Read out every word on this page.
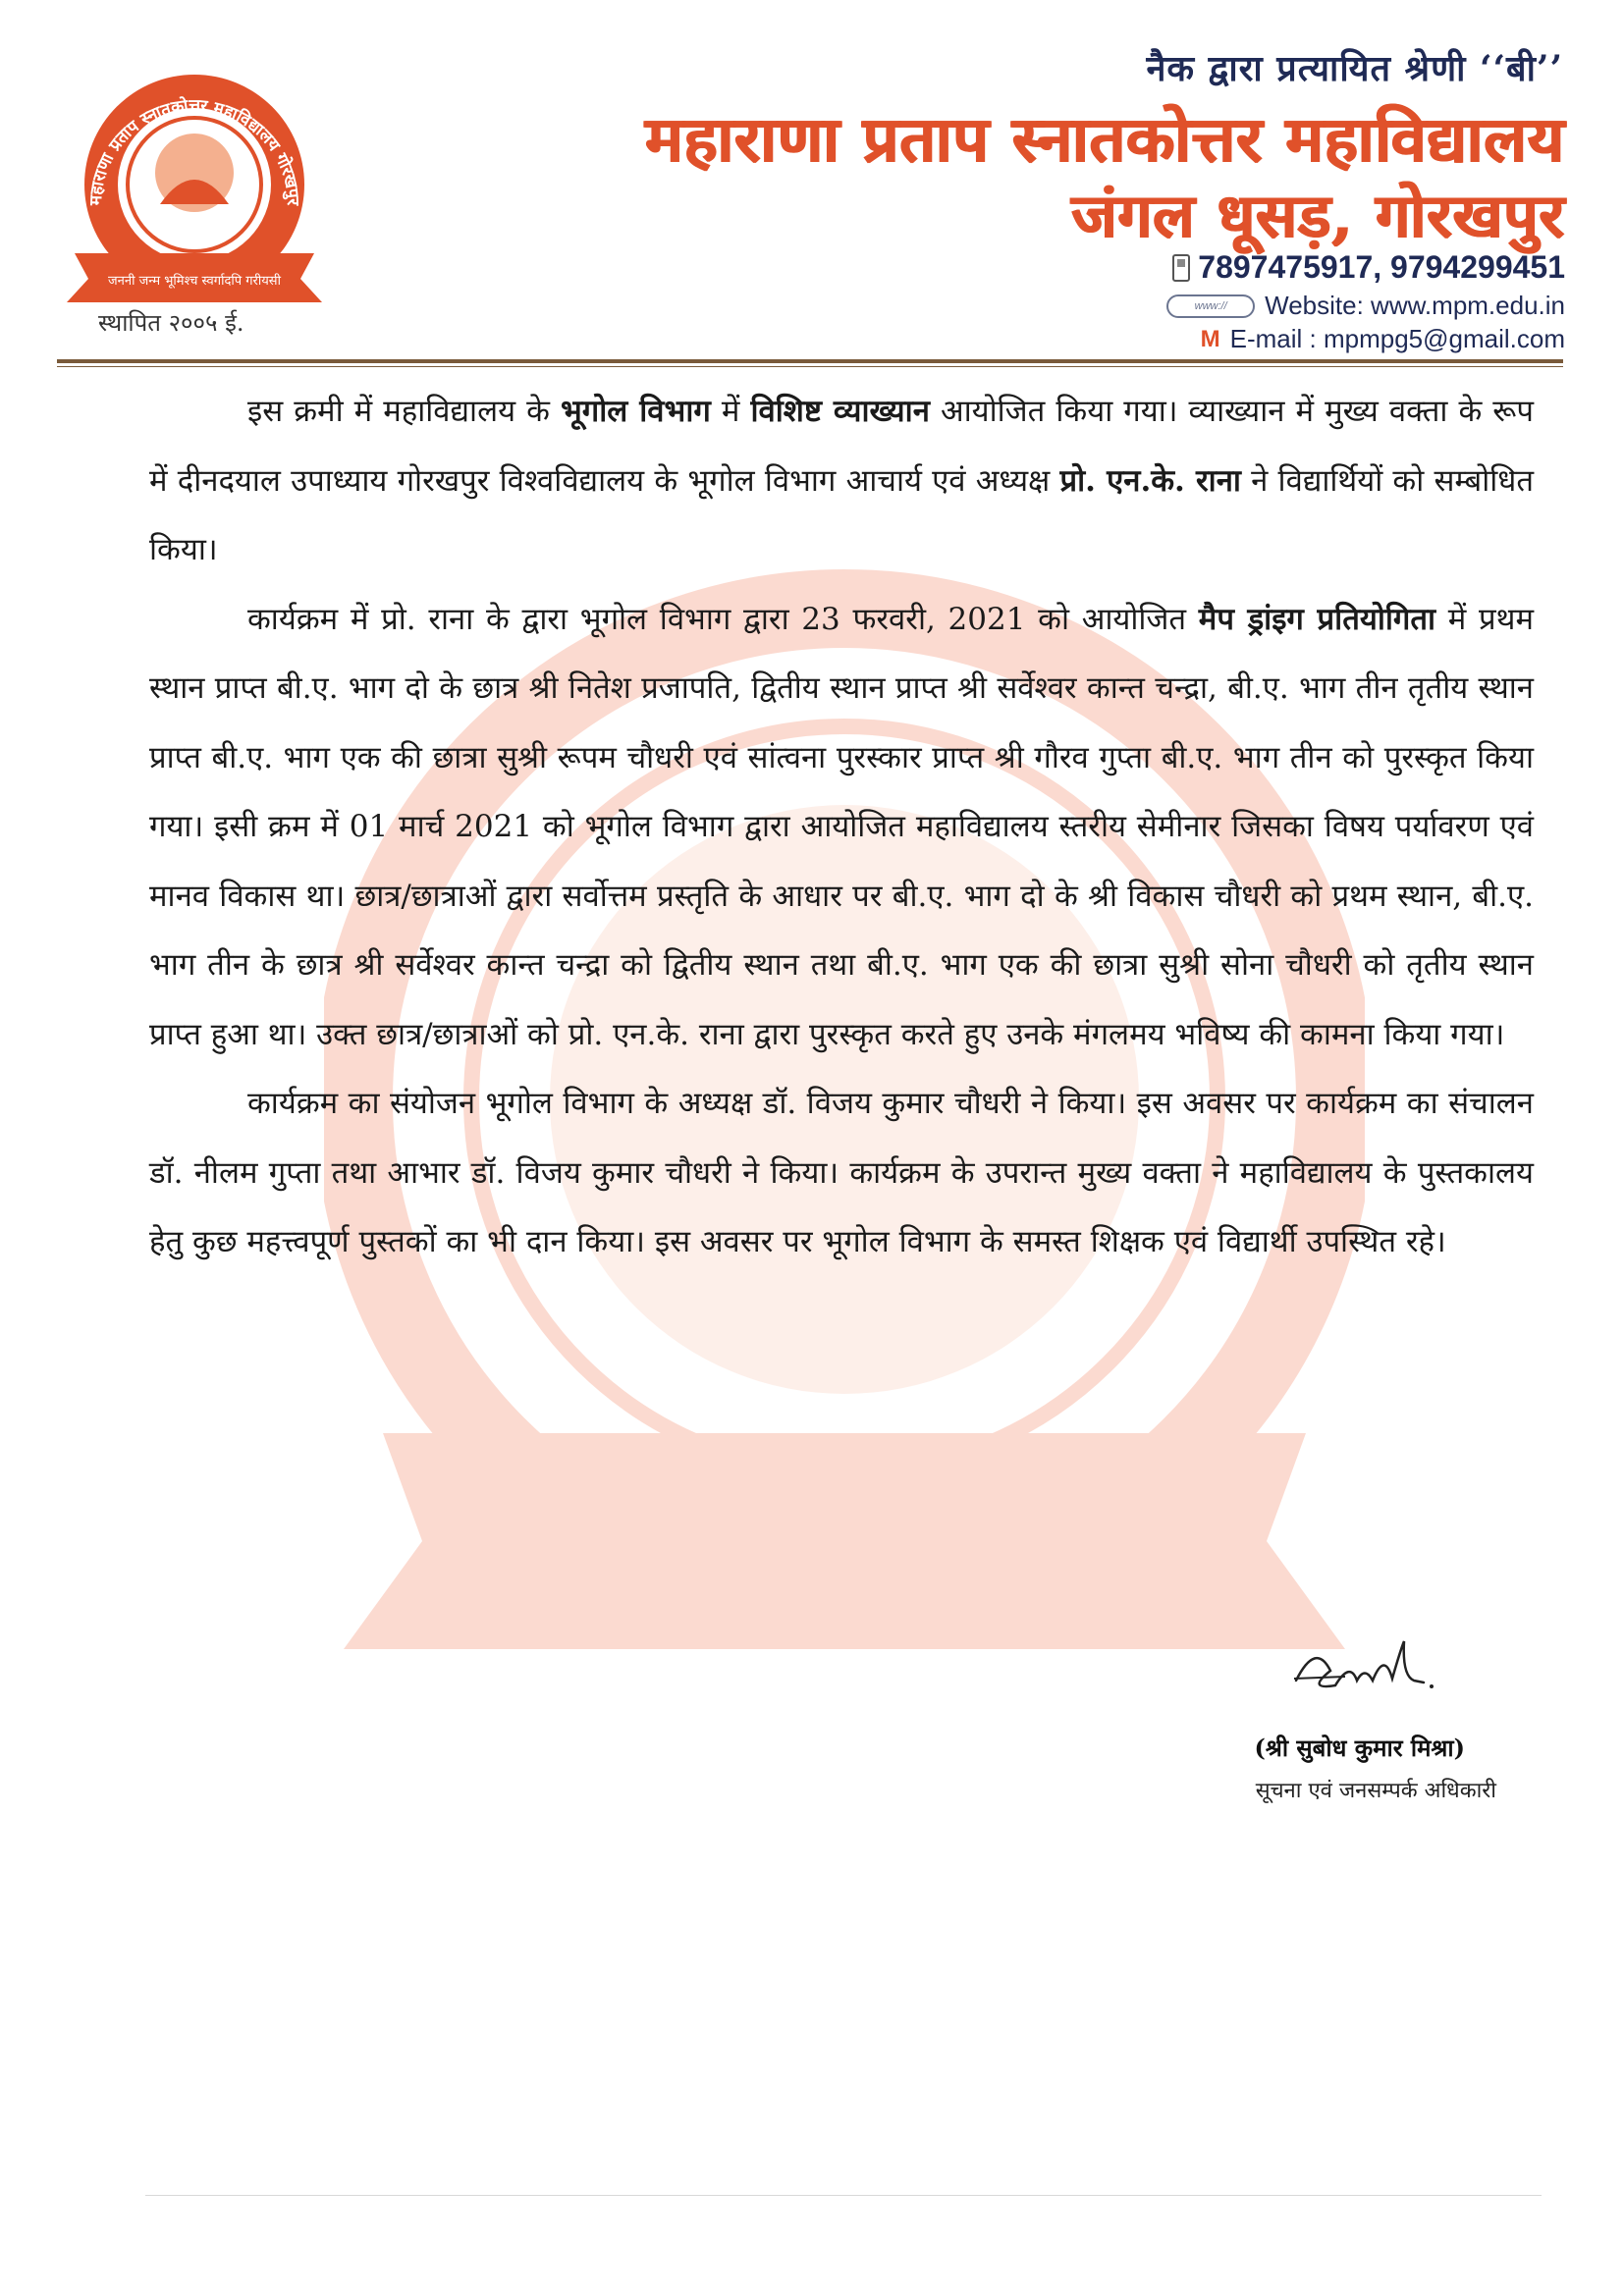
महाराणा प्रताप स्नातकोत्तर महाविद्यालय गोरखपुर
जननी जन्म भूमिश्च स्वर्गादपि गरीयसी
स्थापित २००५ ई.
नैक द्वारा प्रत्यायित श्रेणी ‘‘बी’’
महाराणा प्रताप स्नातकोत्तर महाविद्यालय
जंगल धूसड़, गोरखपुर
7897475917, 9794299451
www://	Website: www.mpm.edu.in
M E-mail : mpmpg5@gmail.com

इस क्रमी में महाविद्यालय के भूगोल विभाग में विशिष्ट व्याख्यान आयोजित किया गया। व्याख्यान में मुख्य वक्ता के रूप में दीनदयाल उपाध्याय गोरखपुर विश्वविद्यालय के भूगोल विभाग आचार्य एवं अध्यक्ष प्रो. एन.के. राना ने विद्यार्थियों को सम्बोधित किया।

कार्यक्रम में प्रो. राना के द्वारा भूगोल विभाग द्वारा 23 फरवरी, 2021 को आयोजित मैप ड्रांइग प्रतियोगिता में प्रथम स्थान प्राप्त बी.ए. भाग दो के छात्र श्री नितेश प्रजापति, द्वितीय स्थान प्राप्त श्री सर्वेश्वर कान्त चन्द्रा, बी.ए. भाग तीन तृतीय स्थान प्राप्त बी.ए. भाग एक की छात्रा सुश्री रूपम चौधरी एवं सांत्वना पुरस्कार प्राप्त श्री गौरव गुप्ता बी.ए. भाग तीन को पुरस्कृत किया गया। इसी क्रम में 01 मार्च 2021 को भूगोल विभाग द्वारा आयोजित महाविद्यालय स्तरीय सेमीनार जिसका विषय पर्यावरण एवं मानव विकास था। छात्र/छात्राओं द्वारा सर्वोत्तम प्रस्तृति के आधार पर बी.ए. भाग दो के श्री विकास चौधरी को प्रथम स्थान, बी.ए. भाग तीन के छात्र श्री सर्वेश्वर कान्त चन्द्रा को द्वितीय स्थान तथा बी.ए. भाग एक की छात्रा सुश्री सोना चौधरी को तृतीय स्थान प्राप्त हुआ था। उक्त छात्र/छात्राओं को प्रो. एन.के. राना द्वारा पुरस्कृत करते हुए उनके मंगलमय भविष्य की कामना किया गया।

कार्यक्रम का संयोजन भूगोल विभाग के अध्यक्ष डॉ. विजय कुमार चौधरी ने किया। इस अवसर पर कार्यक्रम का संचालन डॉ. नीलम गुप्ता तथा आभार डॉ. विजय कुमार चौधरी ने किया। कार्यक्रम के उपरान्त मुख्य वक्ता ने महाविद्यालय के पुस्तकालय हेतु कुछ महत्त्वपूर्ण पुस्तकों का भी दान किया। इस अवसर पर भूगोल विभाग के समस्त शिक्षक एवं विद्यार्थी उपस्थित रहे।

(श्री सुबोध कुमार मिश्रा)
सूचना एवं जनसम्पर्क अधिकारी
